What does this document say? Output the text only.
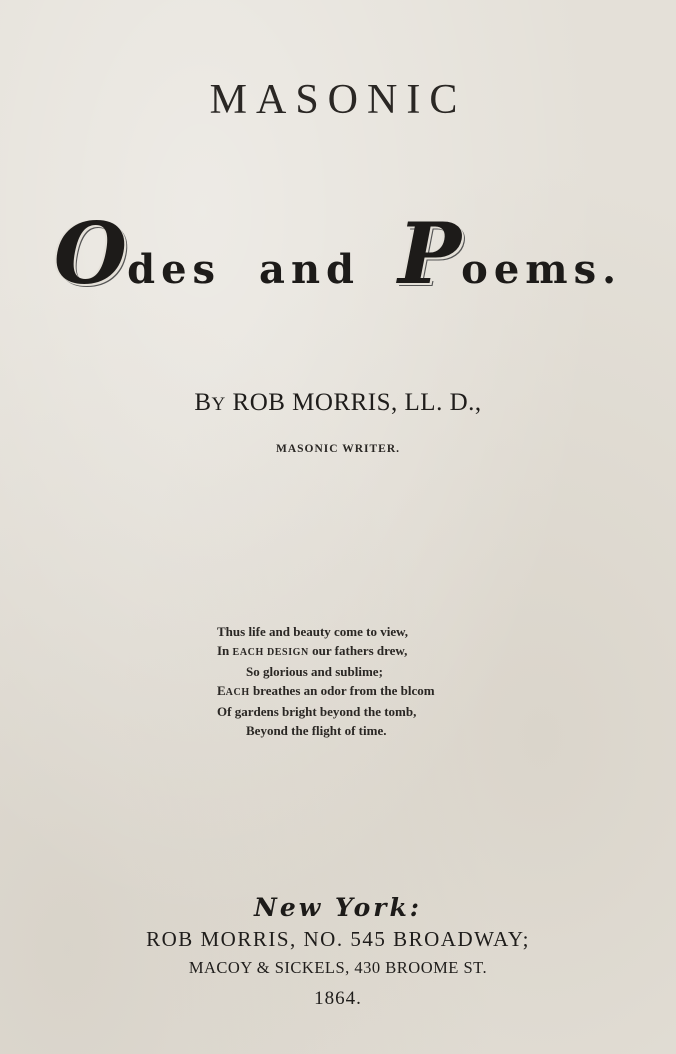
MASONIC
Odes and Poems.
BY ROB MORRIS, LL. D.,
MASONIC WRITER.
Thus life and beauty come to view,
In EACH DESIGN our fathers drew,
So glorious and sublime;
EACH breathes an odor from the blcom
Of gardens bright beyond the tomb,
Beyond the flight of time.
New York:
ROB MORRIS, NO. 545 BROADWAY;
MACOY & SICKELS, 430 BROOME ST.
1864.
